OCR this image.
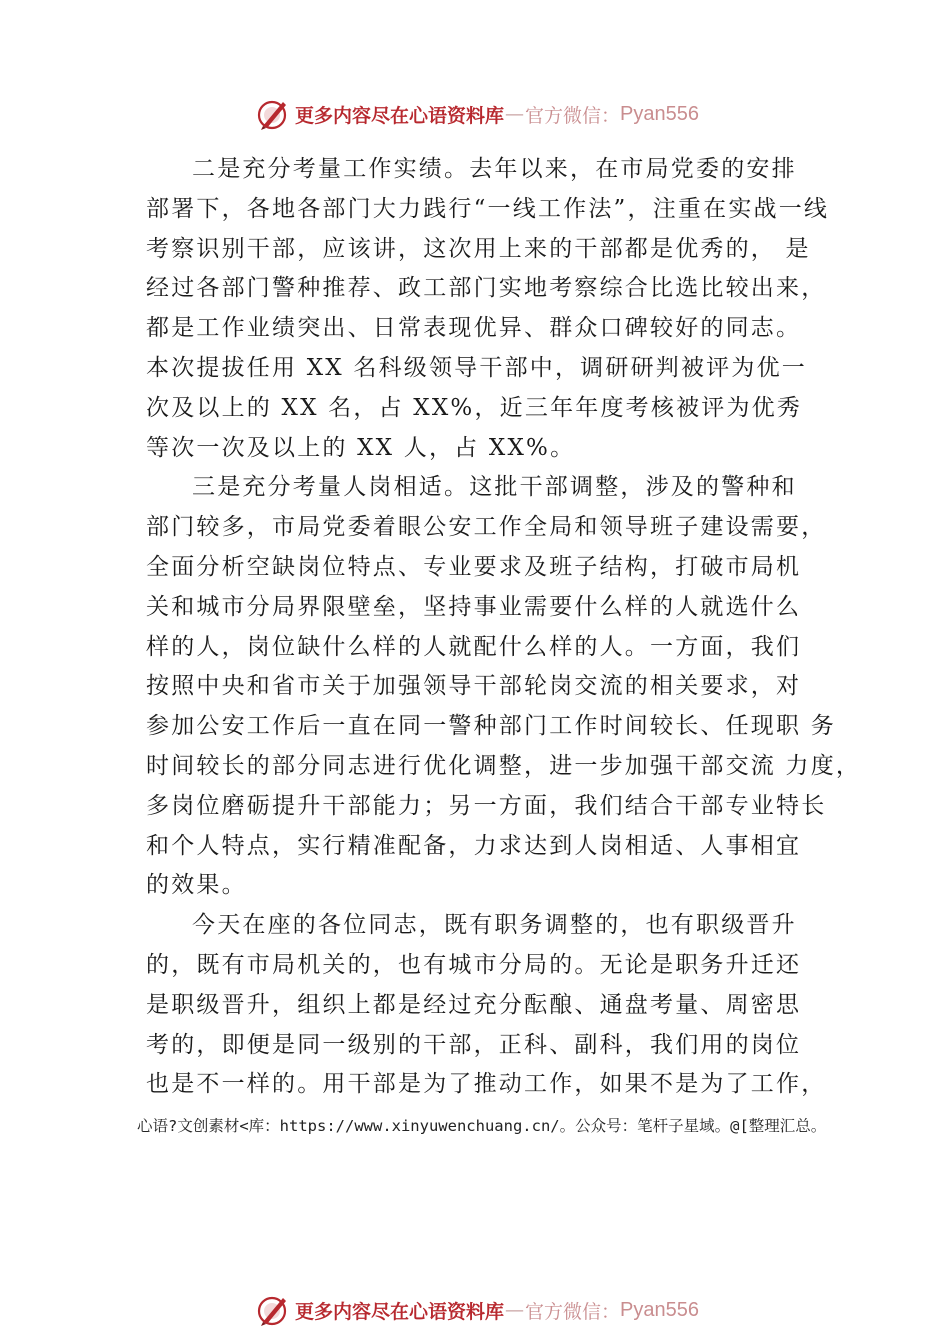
更多内容尽在心语资料库 — 官方微信： Pyan556
二是充分考量工作实绩。去年以来，在市局党委的安排
部署下，各地各部门大力践行“一线工作法”，注重在实战一线
考察识别干部，应该讲，这次用上来的干部都是优秀的， 是
经过各部门警种推荐、政工部门实地考察综合比选比较出来，
都是工作业绩突出、日常表现优异、群众口碑较好的同志。
本次提拔任用 XX 名科级领导干部中，调研研判被评为优一
次及以上的 XX 名，占 XX%，近三年年度考核被评为优秀
等次一次及以上的 XX 人，占 XX%。
三是充分考量人岗相适。这批干部调整，涉及的警种和
部门较多，市局党委着眼公安工作全局和领导班子建设需要，
全面分析空缺岗位特点、专业要求及班子结构，打破市局机
关和城市分局界限壁垒，坚持事业需要什么样的人就选什么
样的人，岗位缺什么样的人就配什么样的人。一方面，我们
按照中央和省市关于加强领导干部轮岗交流的相关要求，对
参加公安工作后一直在同一警种部门工作时间较长、任现职 务
时间较长的部分同志进行优化调整，进一步加强干部交流 力度，
多岗位磨砺提升干部能力；另一方面，我们结合干部专业特长
和个人特点，实行精准配备，力求达到人岗相适、人事相宜
的效果。
今天在座的各位同志，既有职务调整的，也有职级晋升
的，既有市局机关的，也有城市分局的。无论是职务升迁还
是职级晋升，组织上都是经过充分酝酿、通盘考量、周密思
考的，即便是同一级别的干部，正科、副科，我们用的岗位
也是不一样的。用干部是为了推动工作，如果不是为了工作，
心语?文创素材<库：https://www.xinyuwenchuang.cn/。公众号：笔杆子星域。@[整理汇总。
更多内容尽在心语资料库 — 官方微信： Pyan556
